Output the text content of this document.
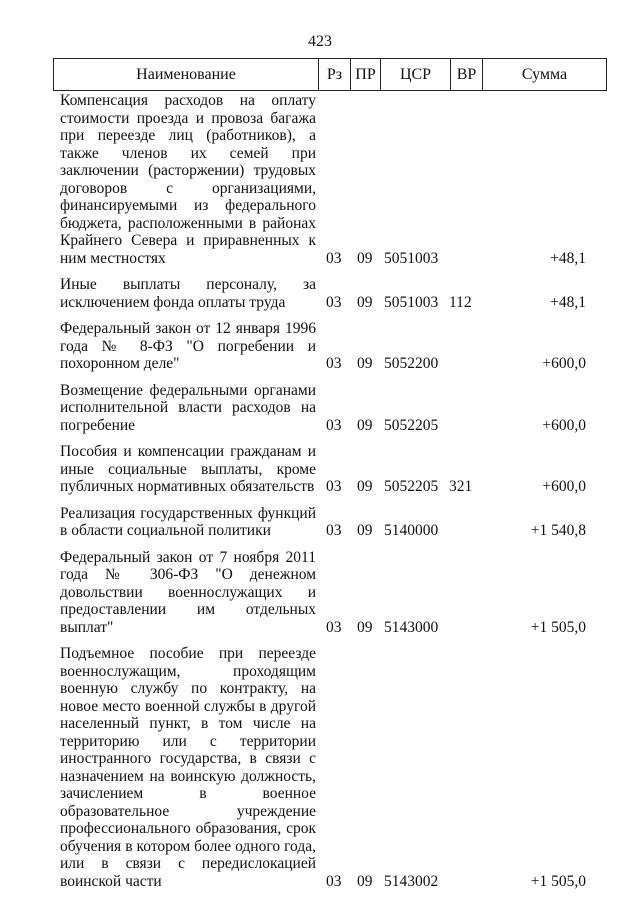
423
Наименование	Рз ПР	ЦСР	ВР	Сумма
Компенсация расходов на оплату стоимости проезда и провоза багажа при переезде лиц (работников), а также членов их семей при заключении (расторжении) трудовых договоров с организациями, финансируемыми из федерального бюджета, расположенными в районах Крайнего Севера и приравненных к ним местностях	03 09 5051003	+48,1
Иные выплаты персоналу, за исключением фонда оплаты труда	03 09 5051003 112	+48,1
Федеральный закон от 12 января 1996 года № 8-ФЗ "О погребении и похоронном деле"	03 09 5052200	+600,0
Возмещение федеральными органами исполнительной власти расходов на погребение	03 09 5052205	+600,0
Пособия и компенсации гражданам и иные социальные выплаты, кроме публичных нормативных обязательств 03 09 5052205 321	+600,0
Реализация государственных функций в области социальной политики	03 09 5140000	+1 540,8
Федеральный закон от 7 ноября 2011 года № 306-ФЗ "О денежном довольствии военнослужащих и предоставлении им отдельных выплат"	03 09 5143000	+1 505,0
Подъемное пособие при переезде военнослужащим, проходящим военную службу по контракту, на новое место военной службы в другой населенный пункт, в том числе на территорию или с территории иностранного государства, в связи с назначением на воинскую должность, зачислением в военное образовательное учреждение профессионального образования, срок обучения в котором более одного года, или в связи с передислокацией воинской части	03 09 5143002	+1 505,0
